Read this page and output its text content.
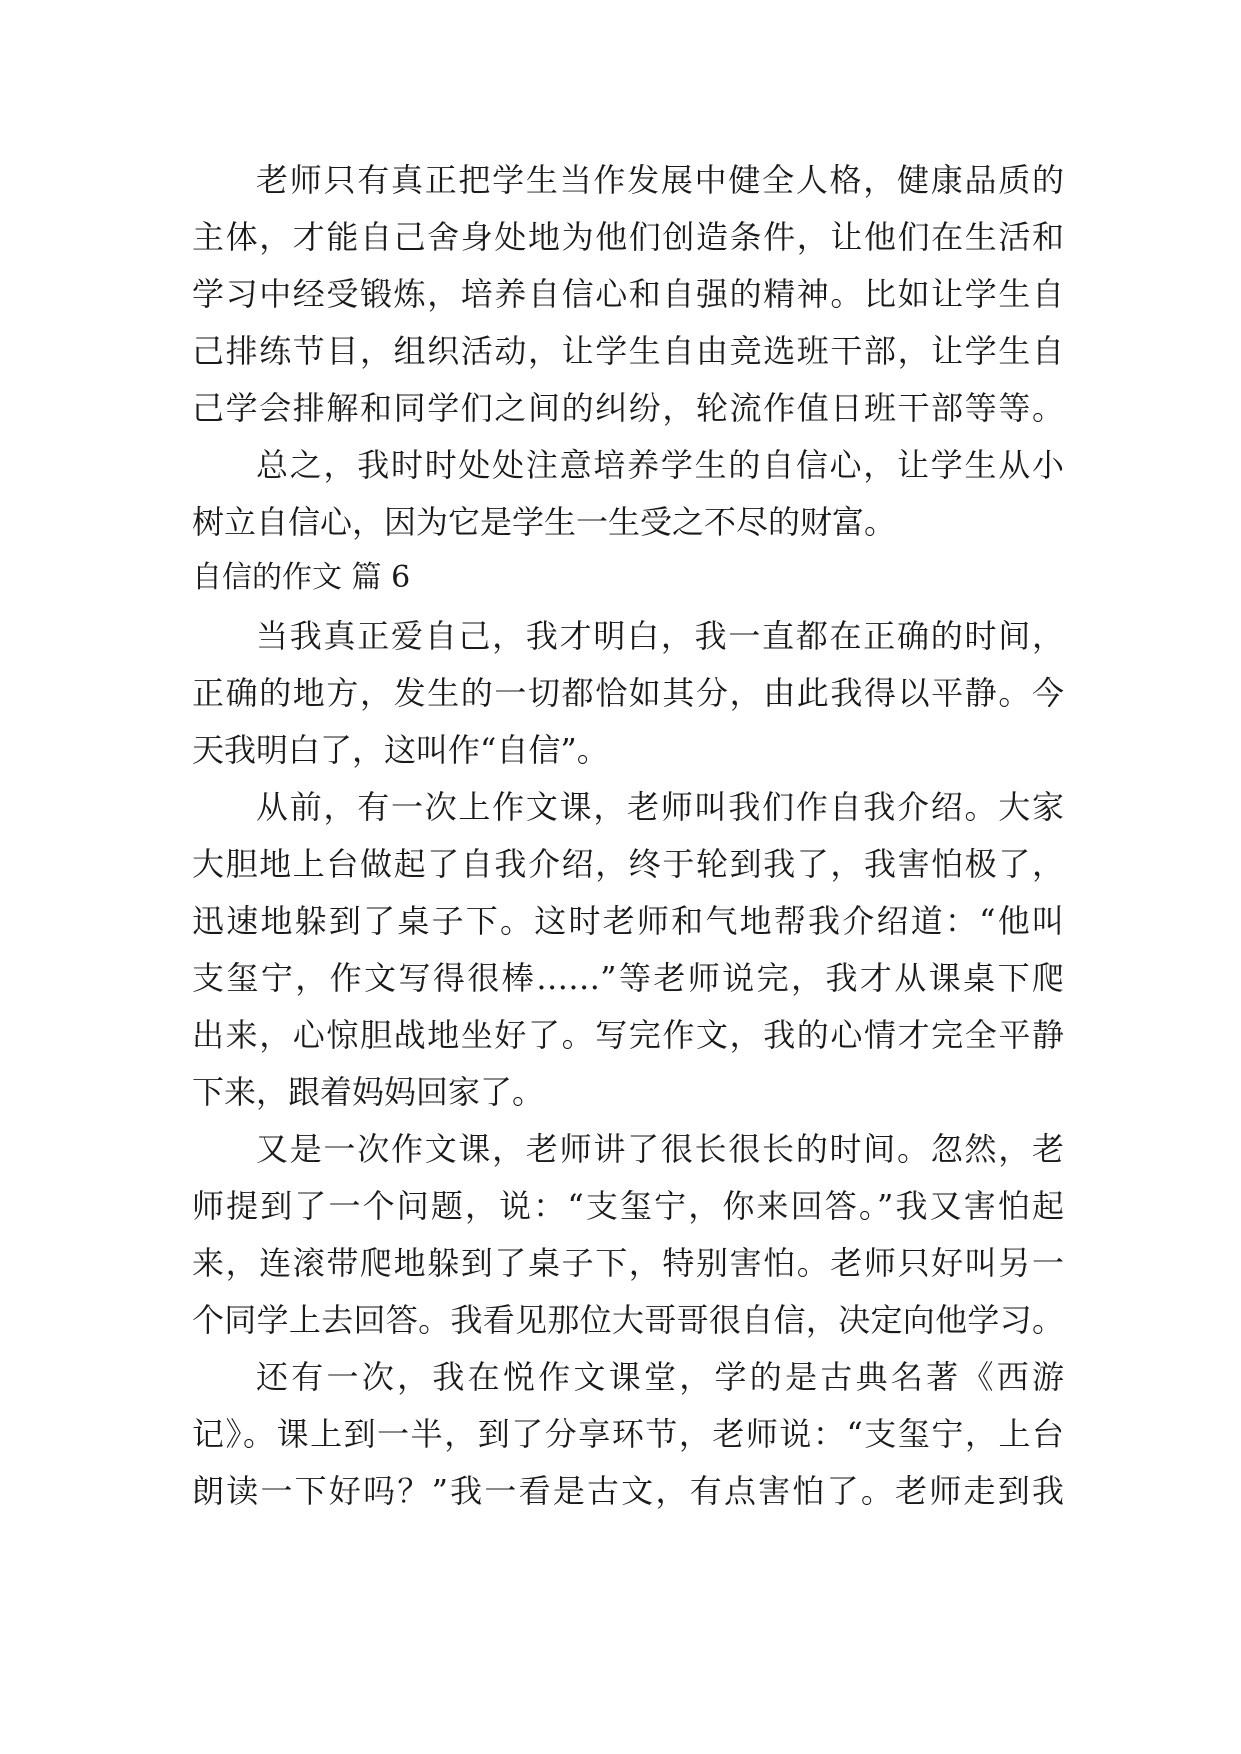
老师只有真正把学生当作发展中健全人格，健康品质的
主体，才能自己舍身处地为他们创造条件，让他们在生活和
学习中经受锻炼，培养自信心和自强的精神。比如让学生自
己排练节目，组织活动，让学生自由竞选班干部，让学生自
己学会排解和同学们之间的纠纷，轮流作值日班干部等等。
总之，我时时处处注意培养学生的自信心，让学生从小
树立自信心，因为它是学生一生受之不尽的财富。
自信的作文 篇 6
当我真正爱自己，我才明白，我一直都在正确的时间，
正确的地方，发生的一切都恰如其分，由此我得以平静。今
天我明白了，这叫作“自信”。
从前，有一次上作文课，老师叫我们作自我介绍。大家
大胆地上台做起了自我介绍，终于轮到我了，我害怕极了，
迅速地躲到了桌子下。这时老师和气地帮我介绍道：“他叫
支玺宁，作文写得很棒……”等老师说完，我才从课桌下爬
出来，心惊胆战地坐好了。写完作文，我的心情才完全平静
下来，跟着妈妈回家了。
又是一次作文课，老师讲了很长很长的时间。忽然，老
师提到了一个问题，说：“支玺宁，你来回答。”我又害怕起
来，连滚带爬地躲到了桌子下，特别害怕。老师只好叫另一
个同学上去回答。我看见那位大哥哥很自信，决定向他学习。
还有一次，我在悦作文课堂，学的是古典名著《西游
记》。课上到一半，到了分享环节，老师说：“支玺宁，上台
朗读一下好吗？”我一看是古文，有点害怕了。老师走到我
